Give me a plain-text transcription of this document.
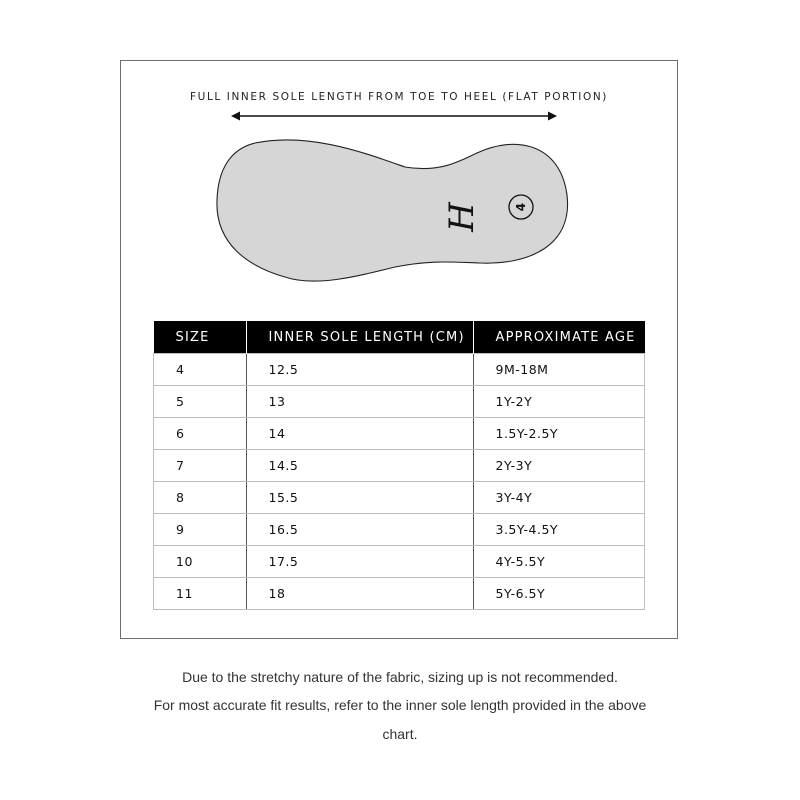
FULL INNER SOLE LENGTH FROM TOE TO HEEL (FLAT PORTION)
H	4
SIZE	INNER SOLE LENGTH (CM)	APPROXIMATE AGE
4	12.5	9M-18M
5	13	1Y-2Y
6	14	1.5Y-2.5Y
7	14.5	2Y-3Y
8	15.5	3Y-4Y
9	16.5	3.5Y-4.5Y
10	17.5	4Y-5.5Y
11	18	5Y-6.5Y
Due to the stretchy nature of the fabric, sizing up is not recommended.
For most accurate fit results, refer to the inner sole length provided in the above
chart.
